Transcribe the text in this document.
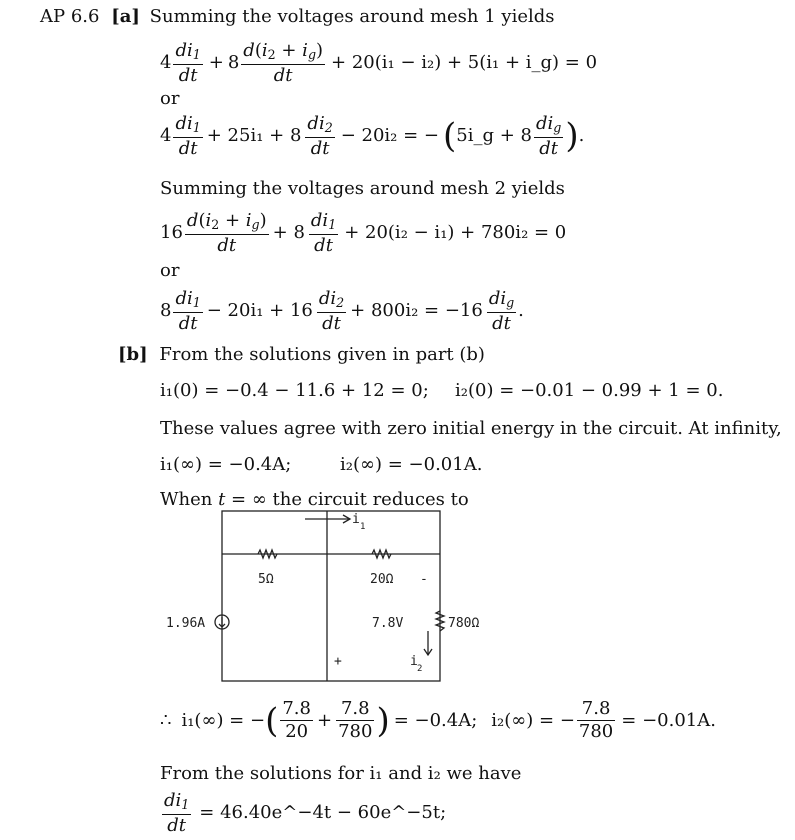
AP 6.6 [a] Summing the voltages around mesh 1 yields
$4 \frac{di_1}{dt} + 8 \frac{d(i_2 + i_g)}{dt} + 20(i_1 - i_2) + 5(i_1$ + i_g) = 0
or
$4 \frac{di_1}{dt} + 25i_1 + 8 \frac{di_2}{dt} - 20i_2$ = − ( 5i_g + $8 \frac{di_g}{dt}$ ) .
Summing the voltages around mesh 2 yields
$16 \frac{d(i_2 + i_g)}{dt} + 8 \frac{di_1}{dt} + 20(i_2 - i_1) + 780i_2 = 0$
or
$8 \frac{di_1}{dt} - 20i_1 + 16 \frac{di_2}{dt} + 800i_2 = -16 \frac{di_g}{dt}$ .
[b] From the solutions given in part (b)
i₁(0) = −0.4 − 11.6 + 12 = 0; i₂(0) = −0.01 − 0.99 + 1 = 0.
These values agree with zero initial energy in the circuit. At infinity,
i₁(∞) = −0.4A;	i₂(∞) = −0.01A.
When t = ∞ the circuit reduces to
i 1
5Ω	20Ω -
1.96A	7.8V	780Ω
+	i 2
∴ i₁(∞) = − ( $\frac{7.8}{20} + \frac{7.8}{780}$ ) = −0.4A; i₂(∞) = − $\frac{7.8}{780} = -0.01A$.
From the solutions for i₁ and i₂ we have
$\frac{di_1}{dt}$ = 46.40e^−4t − 60e^−5t;
